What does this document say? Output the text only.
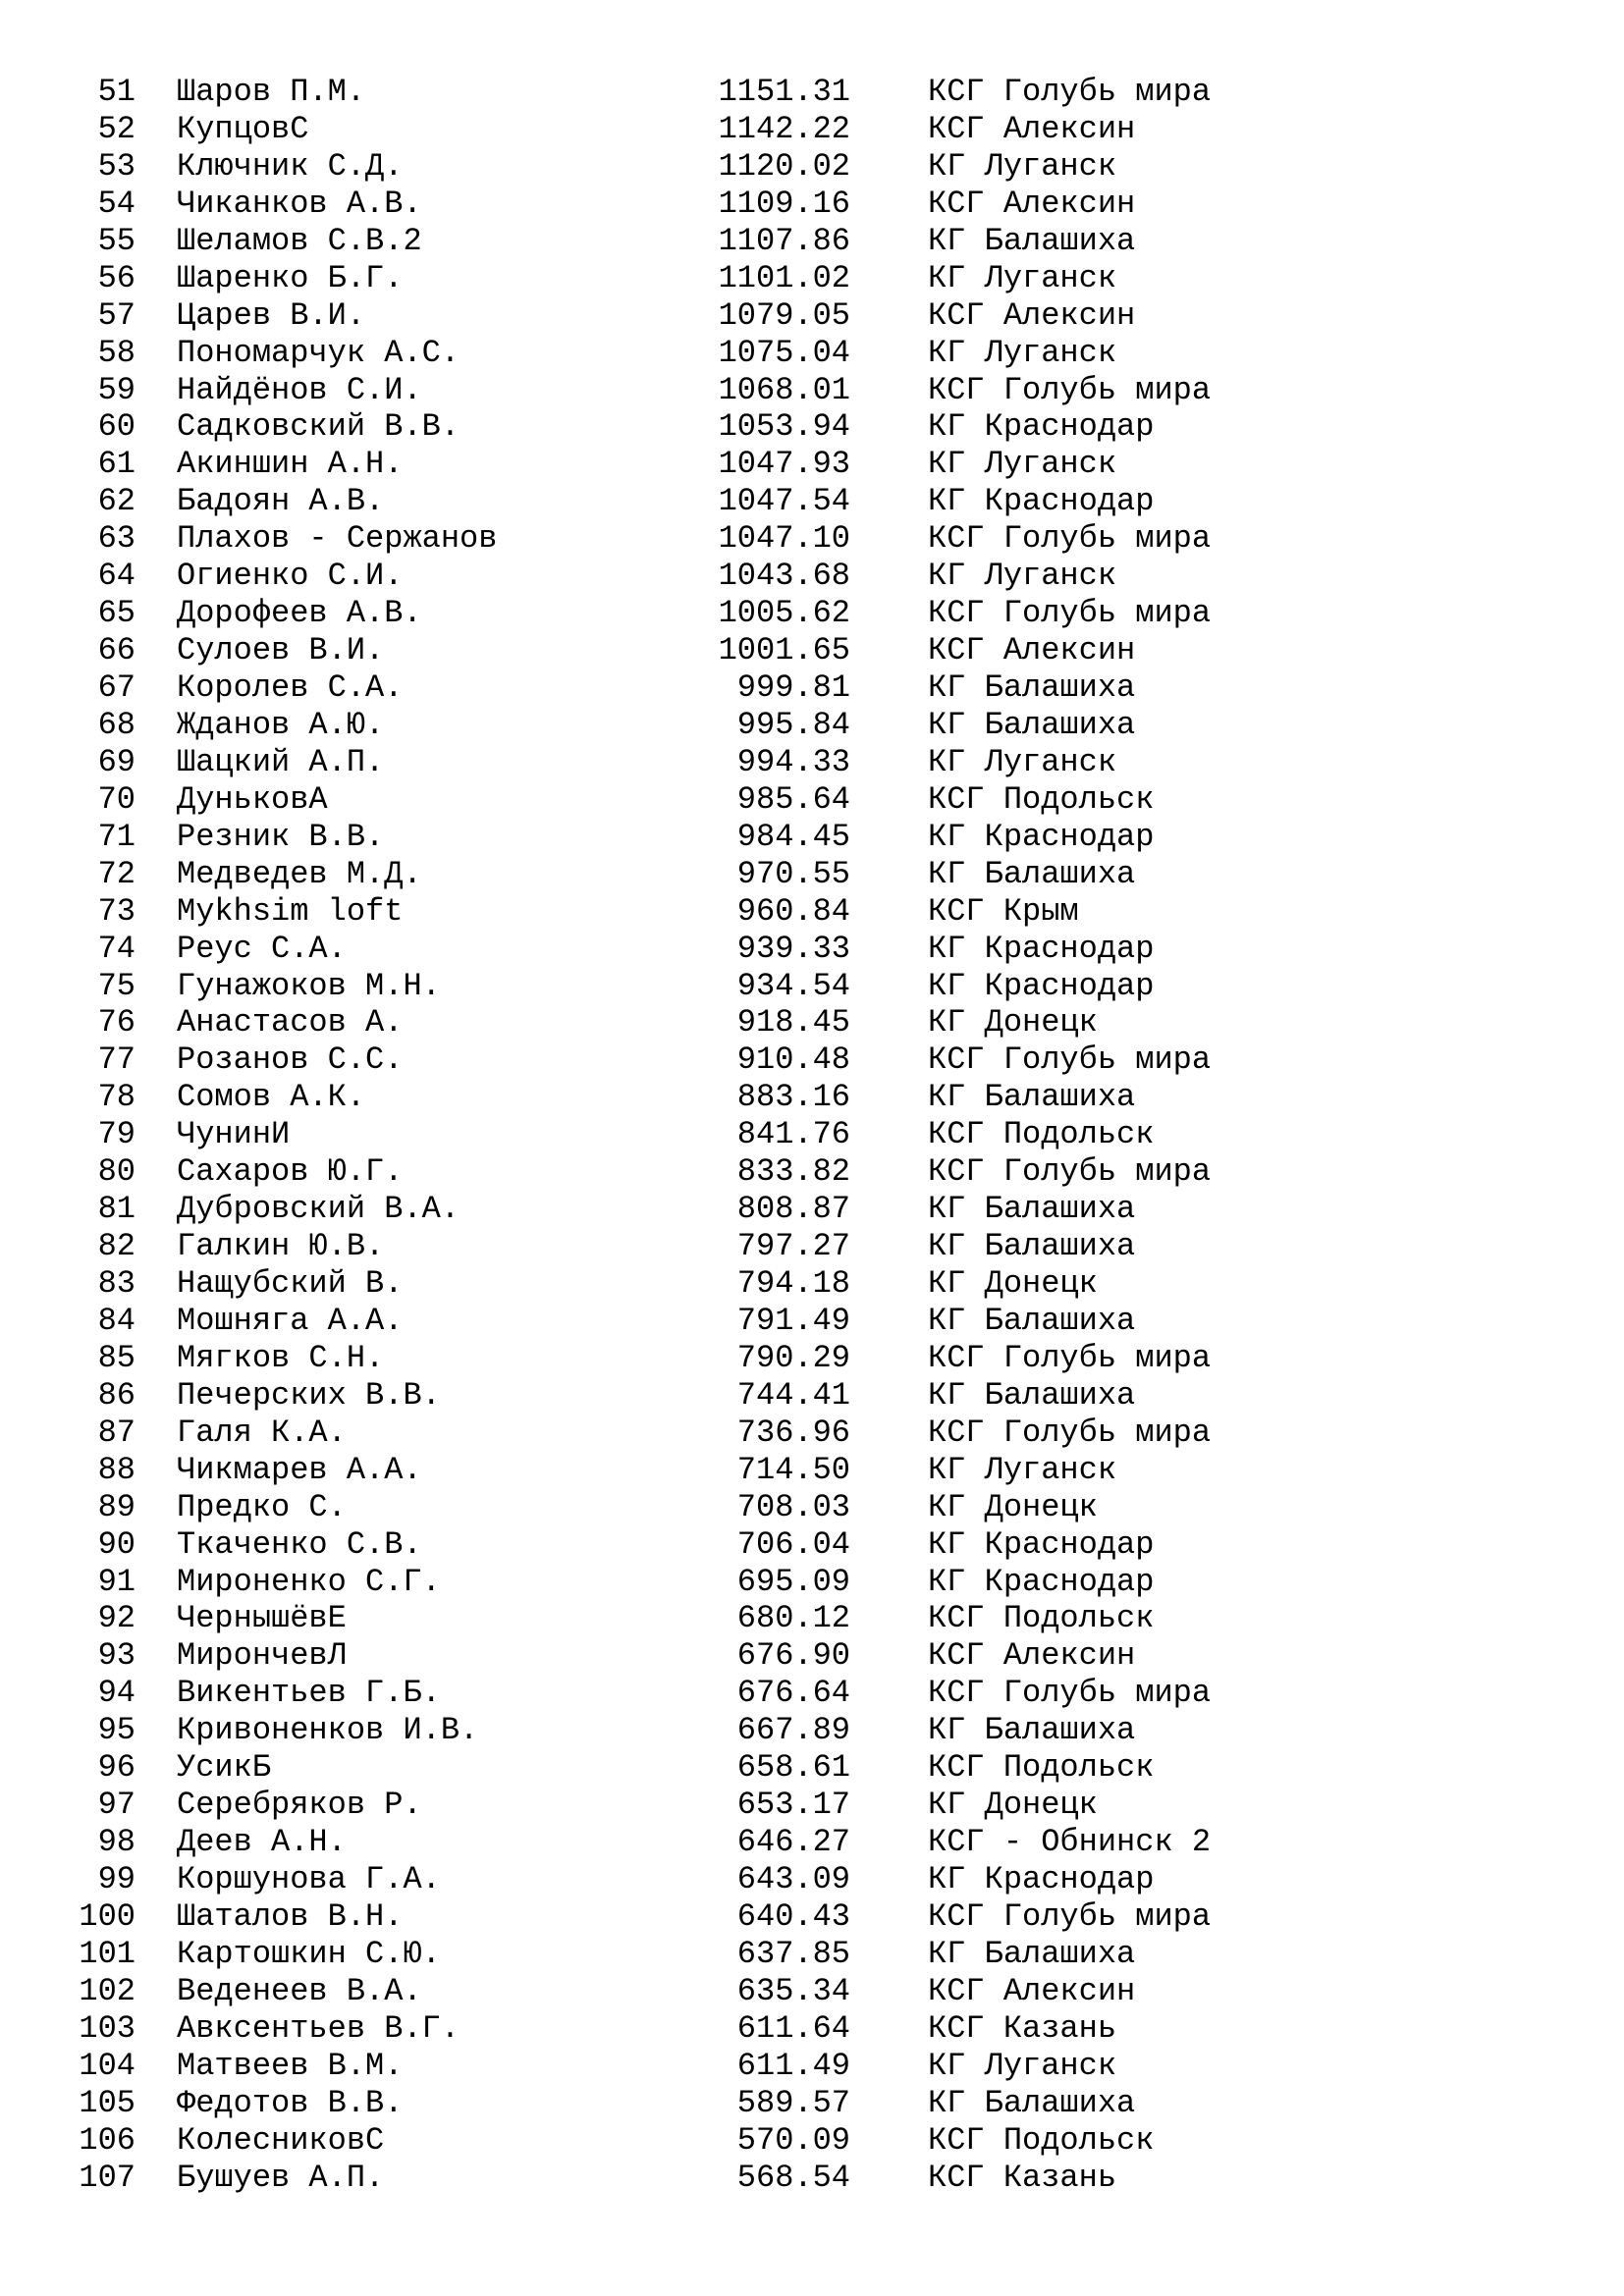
51 Шаров П.М.	1151.31 КСГ Голубь мира
52 КупцовС	1142.22 КСГ Алексин
53 Ключник С.Д.	1120.02 КГ Луганск
54 Чиканков А.В.	1109.16 КСГ Алексин
55 Шеламов С.В.2	1107.86 КГ Балашиха
56 Шаренко Б.Г.	1101.02 КГ Луганск
57 Царев В.И.	1079.05 КСГ Алексин
58 Пономарчук А.С.	1075.04 КГ Луганск
59 Найдёнов С.И.	1068.01 КСГ Голубь мира
60 Садковский В.В.	1053.94 КГ Краснодар
61 Акиншин А.Н.	1047.93 КГ Луганск
62 Бадоян А.В.	1047.54 КГ Краснодар
63 Плахов - Сержанов	1047.10 КСГ Голубь мира
64 Огиенко С.И.	1043.68 КГ Луганск
65 Дорофеев А.В.	1005.62 КСГ Голубь мира
66 Сулоев В.И.	1001.65 КСГ Алексин
67 Королев С.А.	999.81 КГ Балашиха
68 Жданов А.Ю.	995.84 КГ Балашиха
69 Шацкий А.П.	994.33 КГ Луганск
70 ДуньковА	985.64 КСГ Подольск
71 Резник В.В.	984.45 КГ Краснодар
72 Медведев М.Д.	970.55 КГ Балашиха
73 Mykhsim loft	960.84 КСГ Крым
74 Реус С.А.	939.33 КГ Краснодар
75 Гунажоков М.Н.	934.54 КГ Краснодар
76 Анастасов А.	918.45 КГ Донецк
77 Розанов С.С.	910.48 КСГ Голубь мира
78 Сомов А.К.	883.16 КГ Балашиха
79 ЧунинИ	841.76 КСГ Подольск
80 Сахаров Ю.Г.	833.82 КСГ Голубь мира
81 Дубровский В.А.	808.87 КГ Балашиха
82 Галкин Ю.В.	797.27 КГ Балашиха
83 Нащубский В.	794.18 КГ Донецк
84 Мошняга А.А.	791.49 КГ Балашиха
85 Мягков С.Н.	790.29 КСГ Голубь мира
86 Печерских В.В.	744.41 КГ Балашиха
87 Галя К.А.	736.96 КСГ Голубь мира
88 Чикмарев А.А.	714.50 КГ Луганск
89 Предко С.	708.03 КГ Донецк
90 Ткаченко С.В.	706.04 КГ Краснодар
91 Мироненко С.Г.	695.09 КГ Краснодар
92 ЧернышёвЕ	680.12 КСГ Подольск
93 МирончевЛ	676.90 КСГ Алексин
94 Викентьев Г.Б.	676.64 КСГ Голубь мира
95 Кривоненков И.В.	667.89 КГ Балашиха
96 УсикБ	658.61 КСГ Подольск
97 Серебряков Р.	653.17 КГ Донецк
98 Деев А.Н.	646.27 КСГ - Обнинск 2
99 Коршунова Г.А.	643.09 КГ Краснодар
100 Шаталов В.Н.	640.43 КСГ Голубь мира
101 Картошкин С.Ю.	637.85 КГ Балашиха
102 Веденеев В.А.	635.34 КСГ Алексин
103 Авксентьев В.Г.	611.64 КСГ Казань
104 Матвеев В.М.	611.49 КГ Луганск
105 Федотов В.В.	589.57 КГ Балашиха
106 КолесниковС	570.09 КСГ Подольск
107 Бушуев А.П.	568.54 КСГ Казань
